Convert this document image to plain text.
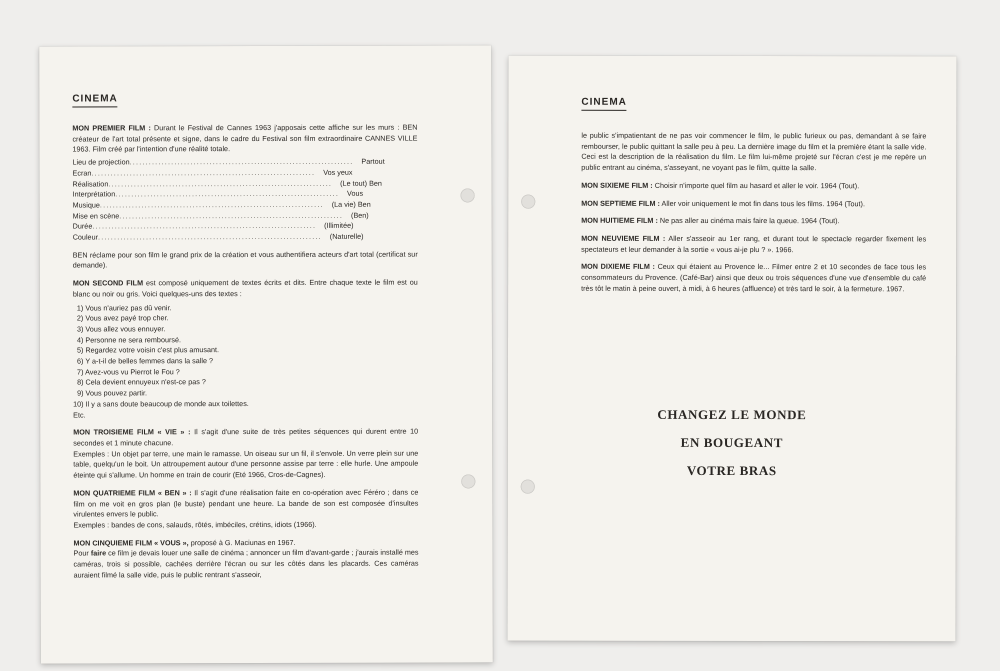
CINEMA

MON PREMIER FILM : Durant le Festival de Cannes 1963 j'apposais cette affiche sur les murs : BEN créateur de l'art total présente et signe, dans le cadre du Festival son film extraordinaire CANNES VILLE 1963. Film créé par l'intention d'une réalité totale.

Lieu de projection ......................................................................	Partout
Ecran ......................................................................	Vos yeux
Réalisation ......................................................................	(Le tout) Ben
Interprétation ......................................................................	Vous
Musique ......................................................................	(La vie) Ben
Mise en scène ......................................................................	(Ben)
Durée ......................................................................	(Illimitée)
Couleur ......................................................................	(Naturelle)

BEN réclame pour son film le grand prix de la création et vous authentifiera acteurs d'art total (certificat sur demande).

MON SECOND FILM est composé uniquement de textes écrits et dits. Entre chaque texte le film est ou blanc ou noir ou gris. Voici quelques-uns des textes :

1) Vous n'auriez pas dû venir.
2) Vous avez payé trop cher.
3) Vous allez vous ennuyer.
4) Personne ne sera remboursé.
5) Regardez votre voisin c'est plus amusant.
6) Y a-t-il de belles femmes dans la salle ?
7) Avez-vous vu Pierrot le Fou ?
8) Cela devient ennuyeux n'est-ce pas ?
9) Vous pouvez partir.
10) Il y a sans doute beaucoup de monde aux toilettes.
Etc.

MON TROISIEME FILM « VIE » : Il s'agit d'une suite de très petites séquences qui durent entre 10 secondes et 1 minute chacune.

Exemples : Un objet par terre, une main le ramasse. Un oiseau sur un fil, il s'envole. Un verre plein sur une table, quelqu'un le boit. Un attroupement autour d'une personne assise par terre : elle hurle. Une ampoule éteinte qui s'allume. Un homme en train de courir (Eté 1966, Cros-de-Cagnes).

MON QUATRIEME FILM « BEN » : Il s'agit d'une réalisation faite en co-opération avec Féréro ; dans ce film on me voit en gros plan (le buste) pendant une heure. La bande de son est composée d'insultes virulentes envers le public.

Exemples : bandes de cons, salauds, rôtés, imbéciles, crétins, idiots (1966).

MON CINQUIEME FILM « VOUS », proposé à G. Maciunas en 1967.

Pour faire ce film je devais louer une salle de cinéma ; annoncer un film d'avant-garde ; j'aurais installé mes caméras, trois si possible, cachées derrière l'écran ou sur les côtés dans les placards. Ces caméras auraient filmé la salle vide, puis le public rentrant s'asseoir,

CINEMA

le public s'impatientant de ne pas voir commencer le film, le public furieux ou pas, demandant à se faire rembourser, le public quittant la salle peu à peu. La dernière image du film et la première étant la salle vide. Ceci est la description de la réalisation du film. Le film lui-même projeté sur l'écran c'est je me repère un public entrant au cinéma, s'asseyant, ne voyant pas le film, quitte la salle.

MON SIXIEME FILM : Choisir n'importe quel film au hasard et aller le voir. 1964 (Tout).

MON SEPTIEME FILM : Aller voir uniquement le mot fin dans tous les films. 1964 (Tout).

MON HUITIEME FILM : Ne pas aller au cinéma mais faire la queue. 1964 (Tout).

MON NEUVIEME FILM : Aller s'asseoir au 1er rang, et durant tout le spectacle regarder fixement les spectateurs et leur demander à la sortie « vous ai-je plu ? ». 1966.

MON DIXIEME FILM : Ceux qui étaient au Provence le... Filmer entre 2 et 10 secondes de face tous les consommateurs du Provence. (Café-Bar) ainsi que deux ou trois séquences d'une vue d'ensemble du café très tôt le matin à peine ouvert, à midi, à 6 heures (affluence) et très tard le soir, à la fermeture. 1967.

CHANGEZ LE MONDE
EN BOUGEANT
VOTRE BRAS
